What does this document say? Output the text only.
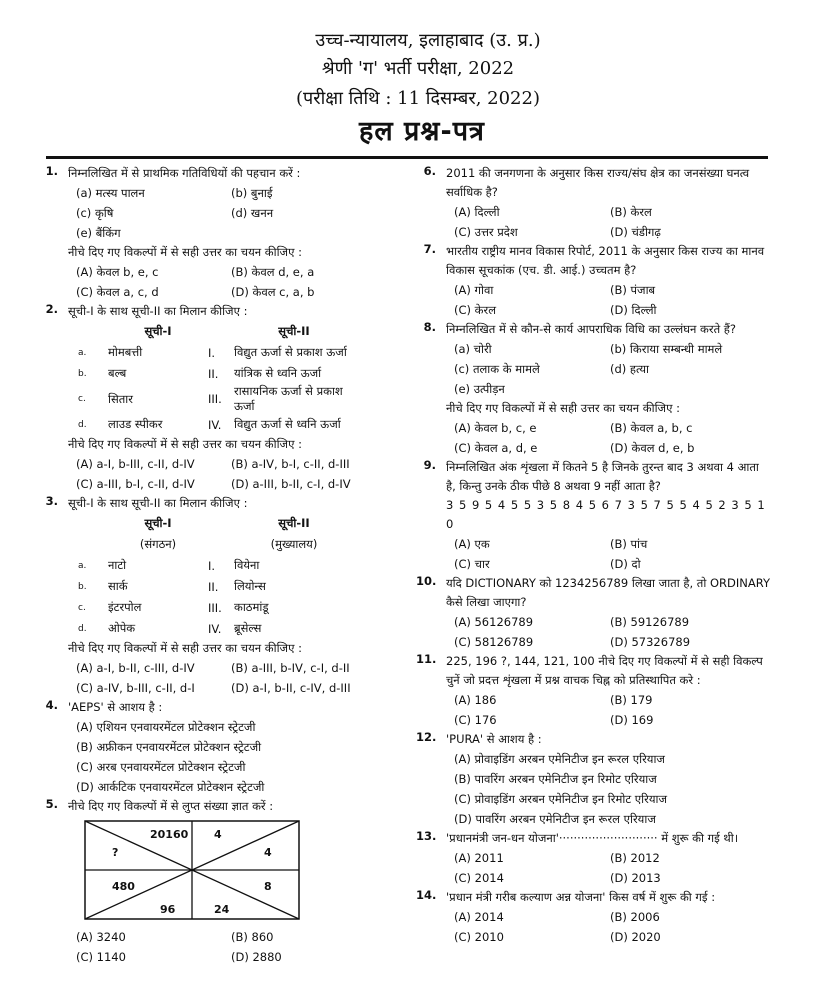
उच्च-न्यायालय, इलाहाबाद (उ. प्र.)
श्रेणी 'ग' भर्ती परीक्षा, 2022
(परीक्षा तिथि : 11 दिसम्बर, 2022)
हल प्रश्न-पत्र
1. निम्नलिखित में से प्राथमिक गतिविधियों की पहचान करें :
(a) मत्स्य पालन	(b) बुनाई
(c) कृषि	(d) खनन
(e) बैंकिंग
नीचे दिए गए विकल्पों में से सही उत्तर का चयन कीजिए :
(A) केवल b, e, c	(B) केवल d, e, a
(C) केवल a, c, d	(D) केवल c, a, b
2. सूची-I के साथ सूची-II का मिलान कीजिए :
	सूची-I		सूची-II
a.	मोमबत्ती	I.	विद्युत ऊर्जा से प्रकाश ऊर्जा
b.	बल्ब	II.	यांत्रिक से ध्वनि ऊर्जा
c.	सितार	III.	रासायनिक ऊर्जा से प्रकाश ऊर्जा
d.	लाउड स्पीकर	IV.	विद्युत ऊर्जा से ध्वनि ऊर्जा
नीचे दिए गए विकल्पों में से सही उत्तर का चयन कीजिए :
(A) a-I, b-III, c-II, d-IV	(B) a-IV, b-I, c-II, d-III
(C) a-III, b-I, c-II, d-IV	(D) a-III, b-II, c-I, d-IV
3. सूची-I के साथ सूची-II का मिलान कीजिए :
	सूची-I		सूची-II
	(संगठन)		(मुख्यालय)
a.	नाटो	I.	वियेना
b.	सार्क	II.	लियोन्स
c.	इंटरपोल	III.	काठमांडू
d.	ओपेक	IV.	ब्रूसेल्स
नीचे दिए गए विकल्पों में से सही उत्तर का चयन कीजिए :
(A) a-I, b-II, c-III, d-IV	(B) a-III, b-IV, c-I, d-II
(C) a-IV, b-III, c-II, d-I	(D) a-I, b-II, c-IV, d-III
4. 'AEPS' से आशय है :
(A) एशियन एनवायरमेंटल प्रोटेक्शन स्ट्रेटजी
(B) अफ्रीकन एनवायरमेंटल प्रोटेक्शन स्ट्रेटजी
(C) अरब एनवायरमेंटल प्रोटेक्शन स्ट्रेटजी
(D) आर्कटिक एनवायरमेंटल प्रोटेक्शन स्ट्रेटजी
5. नीचे दिए गए विकल्पों में से लुप्त संख्या ज्ञात करें :
20160 4
?	4
480	8
96	24
(A) 3240	(B) 860
(C) 1140	(D) 2880
6. 2011 की जनगणना के अनुसार किस राज्य/संघ क्षेत्र का जनसंख्या घनत्व सर्वाधिक है?
(A) दिल्ली	(B) केरल
(C) उत्तर प्रदेश	(D) चंडीगढ़
7. भारतीय राष्ट्रीय मानव विकास रिपोर्ट, 2011 के अनुसार किस राज्य का मानव विकास सूचकांक (एच. डी. आई.) उच्चतम है?
(A) गोवा	(B) पंजाब
(C) केरल	(D) दिल्ली
8. निम्नलिखित में से कौन-से कार्य आपराधिक विधि का उल्लंघन करते हैं?
(a) चोरी	(b) किराया सम्बन्धी मामले
(c) तलाक के मामले	(d) हत्या
(e) उत्पीड़न
नीचे दिए गए विकल्पों में से सही उत्तर का चयन कीजिए :
(A) केवल b, c, e	(B) केवल a, b, c
(C) केवल a, d, e	(D) केवल d, e, b
9. निम्नलिखित अंक शृंखला में कितने 5 है जिनके तुरन्त बाद 3 अथवा 4 आता है, किन्तु उनके ठीक पीछे 8 अथवा 9 नहीं आता है?
3 5 9 5 4 5 5 3 5 8 4 5 6 7 3 5 7 5 5 4 5 2 3 5 1 0
(A) एक	(B) पांच
(C) चार	(D) दो
10. यदि DICTIONARY को 1234256789 लिखा जाता है, तो ORDINARY कैसे लिखा जाएगा?
(A) 56126789	(B) 59126789
(C) 58126789	(D) 57326789
11. 225, 196 ?, 144, 121, 100 नीचे दिए गए विकल्पों में से सही विकल्प चुनें जो प्रदत्त शृंखला में प्रश्न वाचक चिह्न को प्रतिस्थापित करे :
(A) 186	(B) 179
(C) 176	(D) 169
12. 'PURA' से आशय है :
(A) प्रोवाइडिंग अरबन एमेनिटीज इन रूरल एरियाज
(B) पावरिंग अरबन एमेनिटीज इन रिमोट एरियाज
(C) प्रोवाइडिंग अरबन एमेनिटीज इन रिमोट एरियाज
(D) पावरिंग अरबन एमेनिटीज इन रूरल एरियाज
13. 'प्रधानमंत्री जन-धन योजना'··························· में शुरू की गई थी।
(A) 2011	(B) 2012
(C) 2014	(D) 2013
14. 'प्रधान मंत्री गरीब कल्याण अन्न योजना' किस वर्ष में शुरू की गई :
(A) 2014	(B) 2006
(C) 2010	(D) 2020
